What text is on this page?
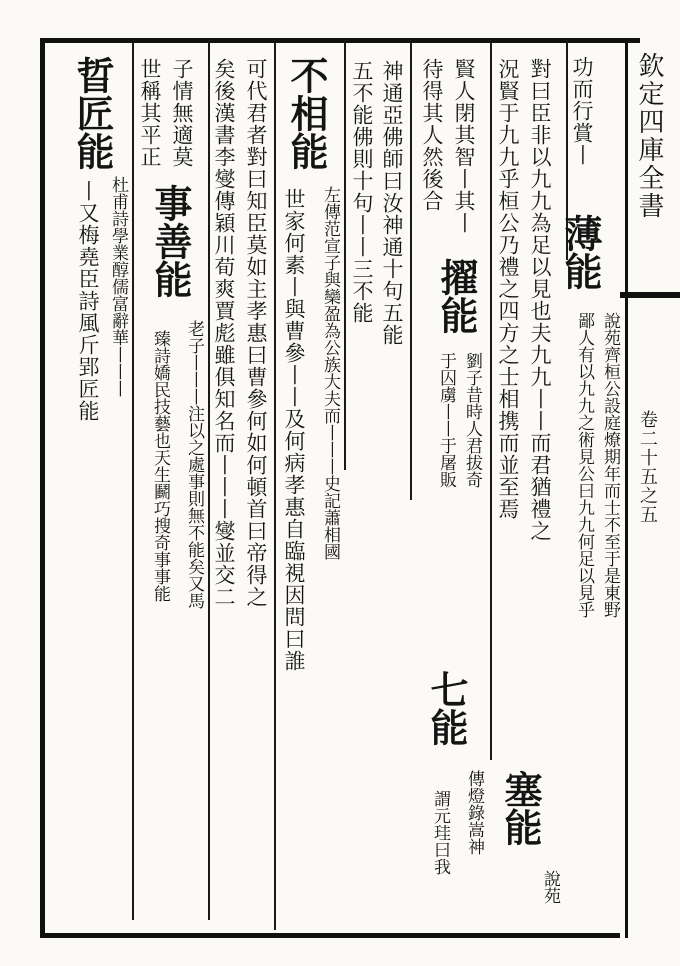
欽定四庫全書
卷二十五之五
功而行賞丨
薄能
說苑齊桓公設庭燎期年而士不至于是東野
鄙人有以九九之術見公曰九九何足以見乎
對曰臣非以九九為足以見也夫九九丨丨而君猶禮之
況賢于九九乎桓公乃禮之四方之士相携而並至焉
賢人閉其智丨其丨
擢能
劉子昔時人君拔奇
于囚虜丨丨于屠販
七能
傳燈錄嵩神
待得其人然後合
謂元珪曰我 塞能
說苑
神通亞佛師曰汝神通十句五能
五不能佛則十句丨丨三不能
不相能
左傳范宣子與欒盈為公族大夫而丨丨丨史記蕭相國
世家何素丨與曹參丨丨及何病孝惠自臨視因問曰誰
可代君者對曰知臣莫如主孝惠曰曹參何如何頓首曰帝得之
矣後漢書李燮傳穎川荀爽賈彪雖俱知名而丨丨丨燮並交二
子情無適莫
事善能
老子丨丨丨注以之處事則無不能矣又馬
世稱其平正
臻詩嬌民技藝也天生鬬巧搜奇事事能
晢匠能
杜甫詩學業醇儒富辭華丨丨丨
丨又梅堯臣詩風斤郢匠能
